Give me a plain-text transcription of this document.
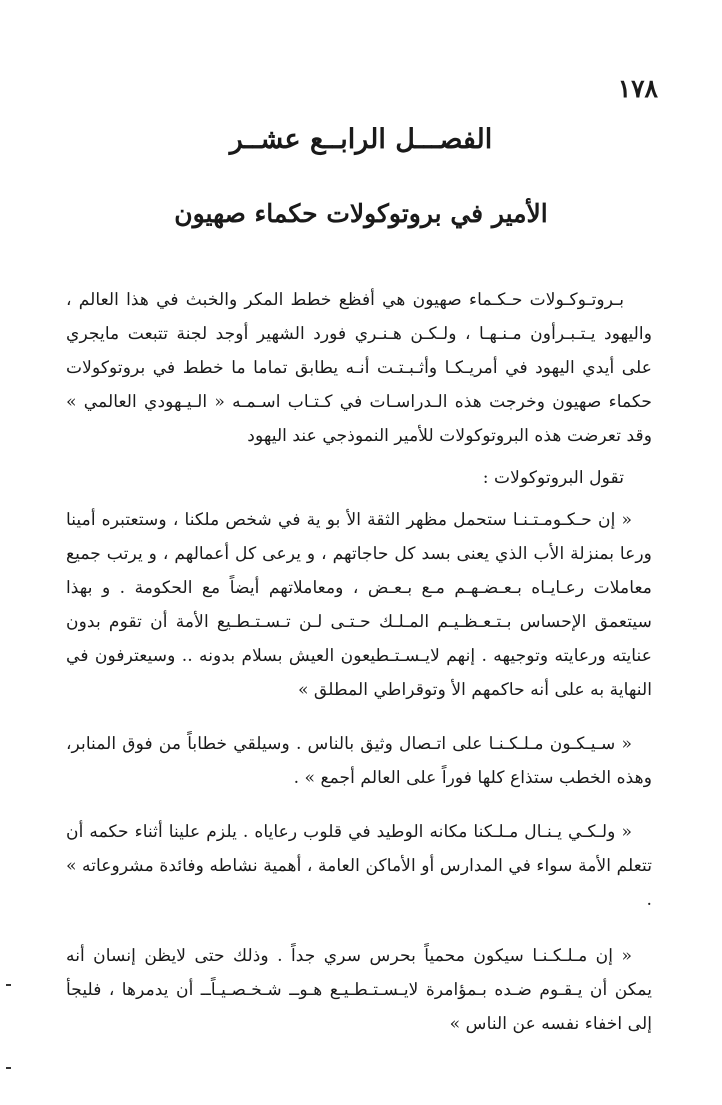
١٧٨
الفصـــل الرابــع عشــر
الأمير في بروتوكولات حكماء صهيون

بـروتـوكـولات حـكـماء صهيون هي أفظع خطط المكر والخبث في هذا العالم ، واليهود يـتـبـرأون مـنـهـا ، ولـكـن هـنـري فورد الشهير أوجد لجنة تتبعت مايجري على أيدي اليهود في أمريـكـا وأثـبـتـت أنـه يطابق تماما ما خطط في بروتوكولات حكماء صهيون وخرجت هذه الـدراسـات في كـتـاب اسـمـه « الـيـهودي العالمي » وقد تعرضت هذه البروتوكولات للأمير النموذجي عند اليهود

تقول البروتوكولات :

« إن حـكـومـتـنـا ستحمل مظهر الثقة الأ بو ية في شخص ملكنا ، وستعتبره أمينا ورعا بمنزلة الأب الذي يعنى بسد كل حاجاتهم ، و يرعى كل أعمالهم ، و يرتب جميع معاملات رعـايـاه بـعـضـهـم مـع بـعـض ، ومعاملاتهم أيضاً مع الحكومة . و بهذا سيتعمق الإحساس بـتـعـظـيـم المـلـك حـتـى لـن تـسـتـطـيع الأمة أن تقوم بدون عنايته ورعايته وتوجيهه . إنهم لايـسـتـطيعون العيش بسلام بدونه .. وسيعترفون في النهاية به على أنه حاكمهم الأ وتوقراطي المطلق »

« سـيـكـون مـلـكـنـا على اتـصال وثيق بالناس . وسيلقي خطاباً من فوق المنابر، وهذه الخطب ستذاع كلها فوراً على العالم أجمع » .

« ولـكـي يـنـال مـلـكنا مكانه الوطيد في قلوب رعاياه . يلزم علينا أثناء حكمه أن تتعلم الأمة سواء في المدارس أو الأماكن العامة ، أهمية نشاطه وفائدة مشروعاته » .

« إن مـلـكـنـا سيكون محمياً بحرس سري جداً . وذلك حتى لايظن إنسان أنه يمكن أن يـقـوم ضـده بـمؤامرة لايـسـتـطـيـع هـوــ شـخـصـيـاًــ أن يدمرها ، فليجأ إلى اخفاء نفسه عن الناس »
